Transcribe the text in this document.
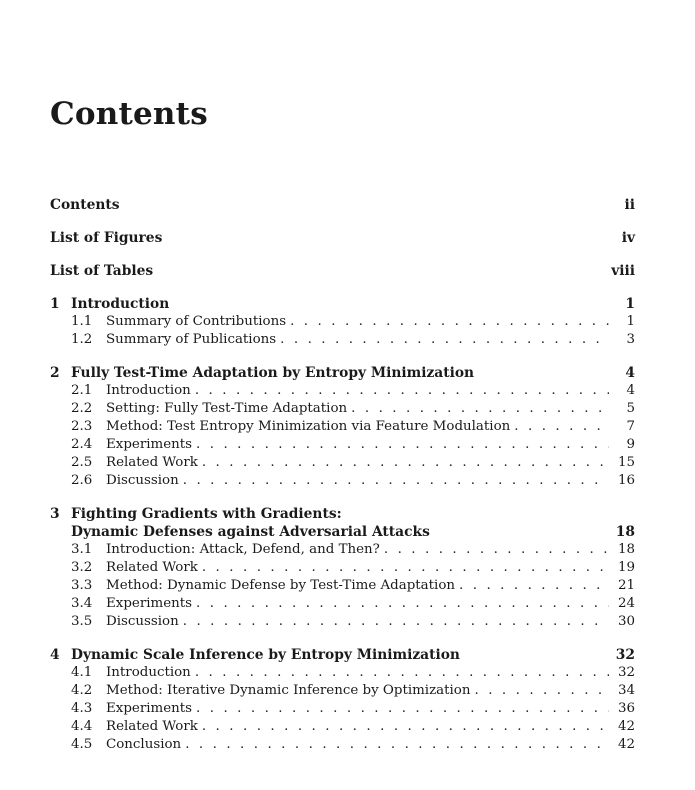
Contents
Contents	ii
List of Figures	iv
List of Tables	viii
1 Introduction	1
1.1	Summary of Contributions . . .	1
1.2	Summary of Publications . . .	3
2 Fully Test-Time Adaptation by Entropy Minimization	4
2.1	Introduction . . .	4
2.2	Setting: Fully Test-Time Adaptation . . .	5
2.3	Method: Test Entropy Minimization via Feature Modulation . . .	7
2.4	Experiments . . .	9
2.5	Related Work . . .	15
2.6	Discussion . . .	16
3 Fighting Gradients with Gradients:
Dynamic Defenses against Adversarial Attacks	18
3.1	Introduction: Attack, Defend, and Then? . . .	18
3.2	Related Work . . .	19
3.3	Method: Dynamic Defense by Test-Time Adaptation . . .	21
3.4	Experiments . . .	24
3.5	Discussion . . .	30
4 Dynamic Scale Inference by Entropy Minimization	32
4.1	Introduction . . .	32
4.2	Method: Iterative Dynamic Inference by Optimization . . .	34
4.3	Experiments . . .	36
4.4	Related Work . . .	42
4.5	Conclusion . . .	42
